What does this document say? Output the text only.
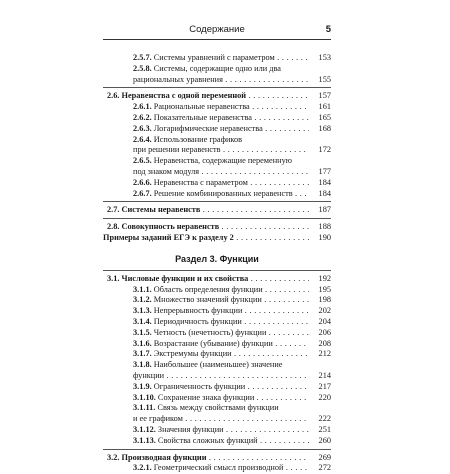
Содержание	5
2.5.7. Системы уравнений с параметром . . .	153
2.5.8. Системы, содержащие одно или два
рациональных уравнения . . .	155
2.6. Неравенства с одной переменной . . .	157
2.6.1. Рациональные неравенства . . .	161
2.6.2. Показательные неравенства . . .	165
2.6.3. Логарифмические неравенства . . .	168
2.6.4. Использование графиков
при решении неравенств . . .	172
2.6.5. Неравенства, содержащие переменную
под знаком модуля . . .	177
2.6.6. Неравенства с параметром . . .	184
2.6.7. Решение комбинированных неравенств . . .	184
2.7. Системы неравенств . . .	187
2.8. Совокупность неравенств . . .	188
Примеры заданий ЕГЭ к разделу 2 . . .	190
Раздел 3. Функции
3.1. Числовые функции и их свойства . . .	192
3.1.1. Область определения функции . . .	195
3.1.2. Множество значений функции . . .	198
3.1.3. Непрерывность функции . . .	202
3.1.4. Периодичность функции . . .	204
3.1.5. Четность (нечетность) функции . . .	206
3.1.6. Возрастание (убывание) функции . . .	208
3.1.7. Экстремумы функции . . .	212
3.1.8. Наибольшее (наименьшее) значение
функции . . .	214
3.1.9. Ограниченность функции . . .	217
3.1.10. Сохранение знака функции . . .	220
3.1.11. Связь между свойствами функции
и ее графиком . . .	222
3.1.12. Значения функции . . .	251
3.1.13. Свойства сложных функций . . .	260
3.2. Производная функции . . .	269
3.2.1. Геометрический смысл производной . . .	272
